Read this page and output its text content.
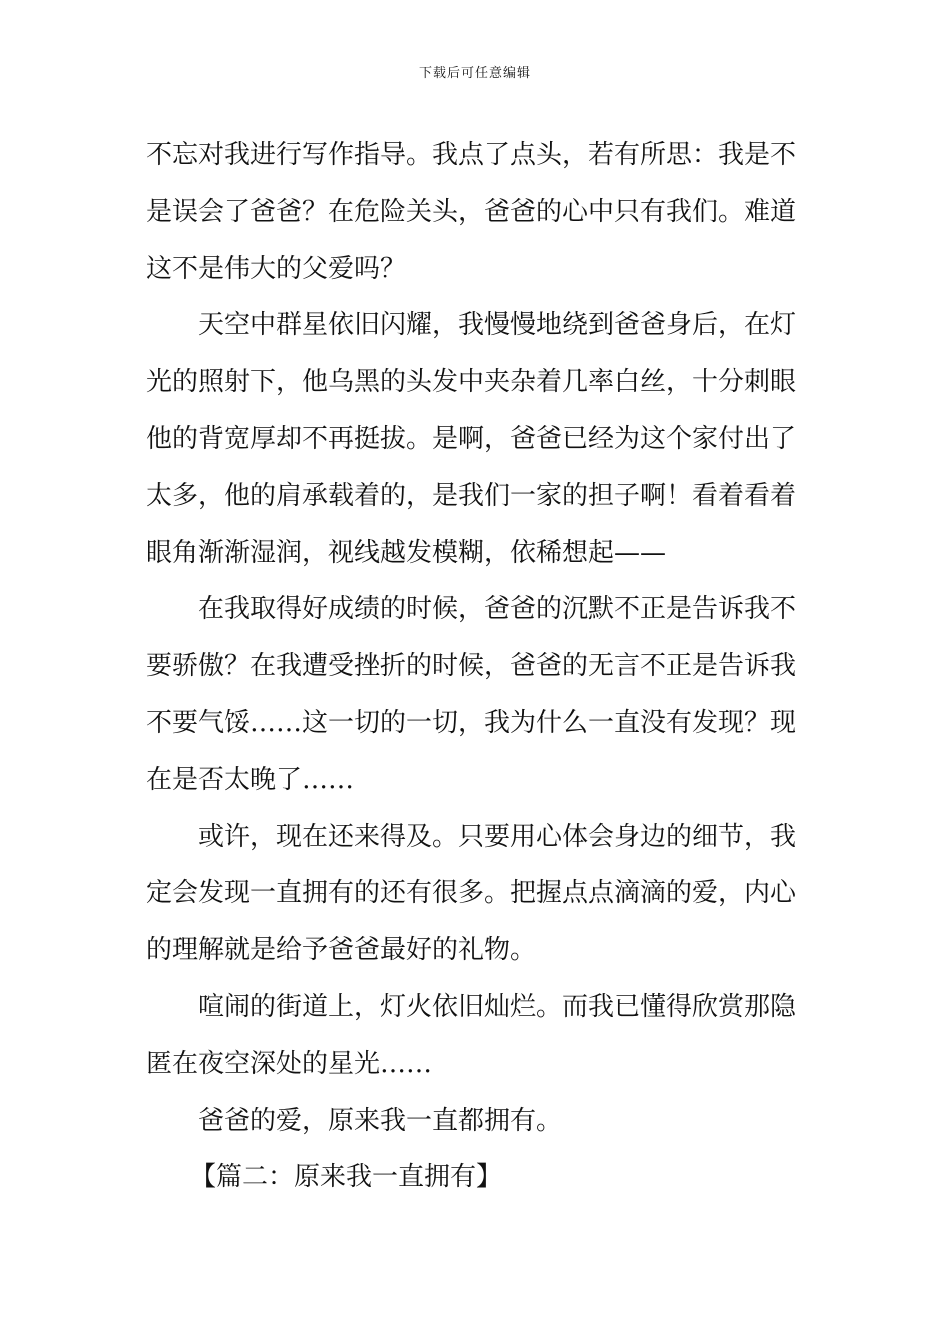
下载后可任意编辑
不忘对我进行写作指导。我点了点头，若有所思：我是不
是误会了爸爸？在危险关头，爸爸的心中只有我们。难道
这不是伟大的父爱吗？
天空中群星依旧闪耀，我慢慢地绕到爸爸身后，在灯
光的照射下，他乌黑的头发中夹杂着几率白丝，十分刺眼
他的背宽厚却不再挺拔。是啊，爸爸已经为这个家付出了
太多，他的肩承载着的，是我们一家的担子啊！看着看着
眼角渐渐湿润，视线越发模糊，依稀想起——
在我取得好成绩的时候，爸爸的沉默不正是告诉我不
要骄傲？在我遭受挫折的时候，爸爸的无言不正是告诉我
不要气馁……这一切的一切，我为什么一直没有发现？现
在是否太晚了……
或许，现在还来得及。只要用心体会身边的细节，我
定会发现一直拥有的还有很多。把握点点滴滴的爱，内心
的理解就是给予爸爸最好的礼物。
喧闹的街道上，灯火依旧灿烂。而我已懂得欣赏那隐
匿在夜空深处的星光……
爸爸的爱，原来我一直都拥有。
【篇二：原来我一直拥有】
